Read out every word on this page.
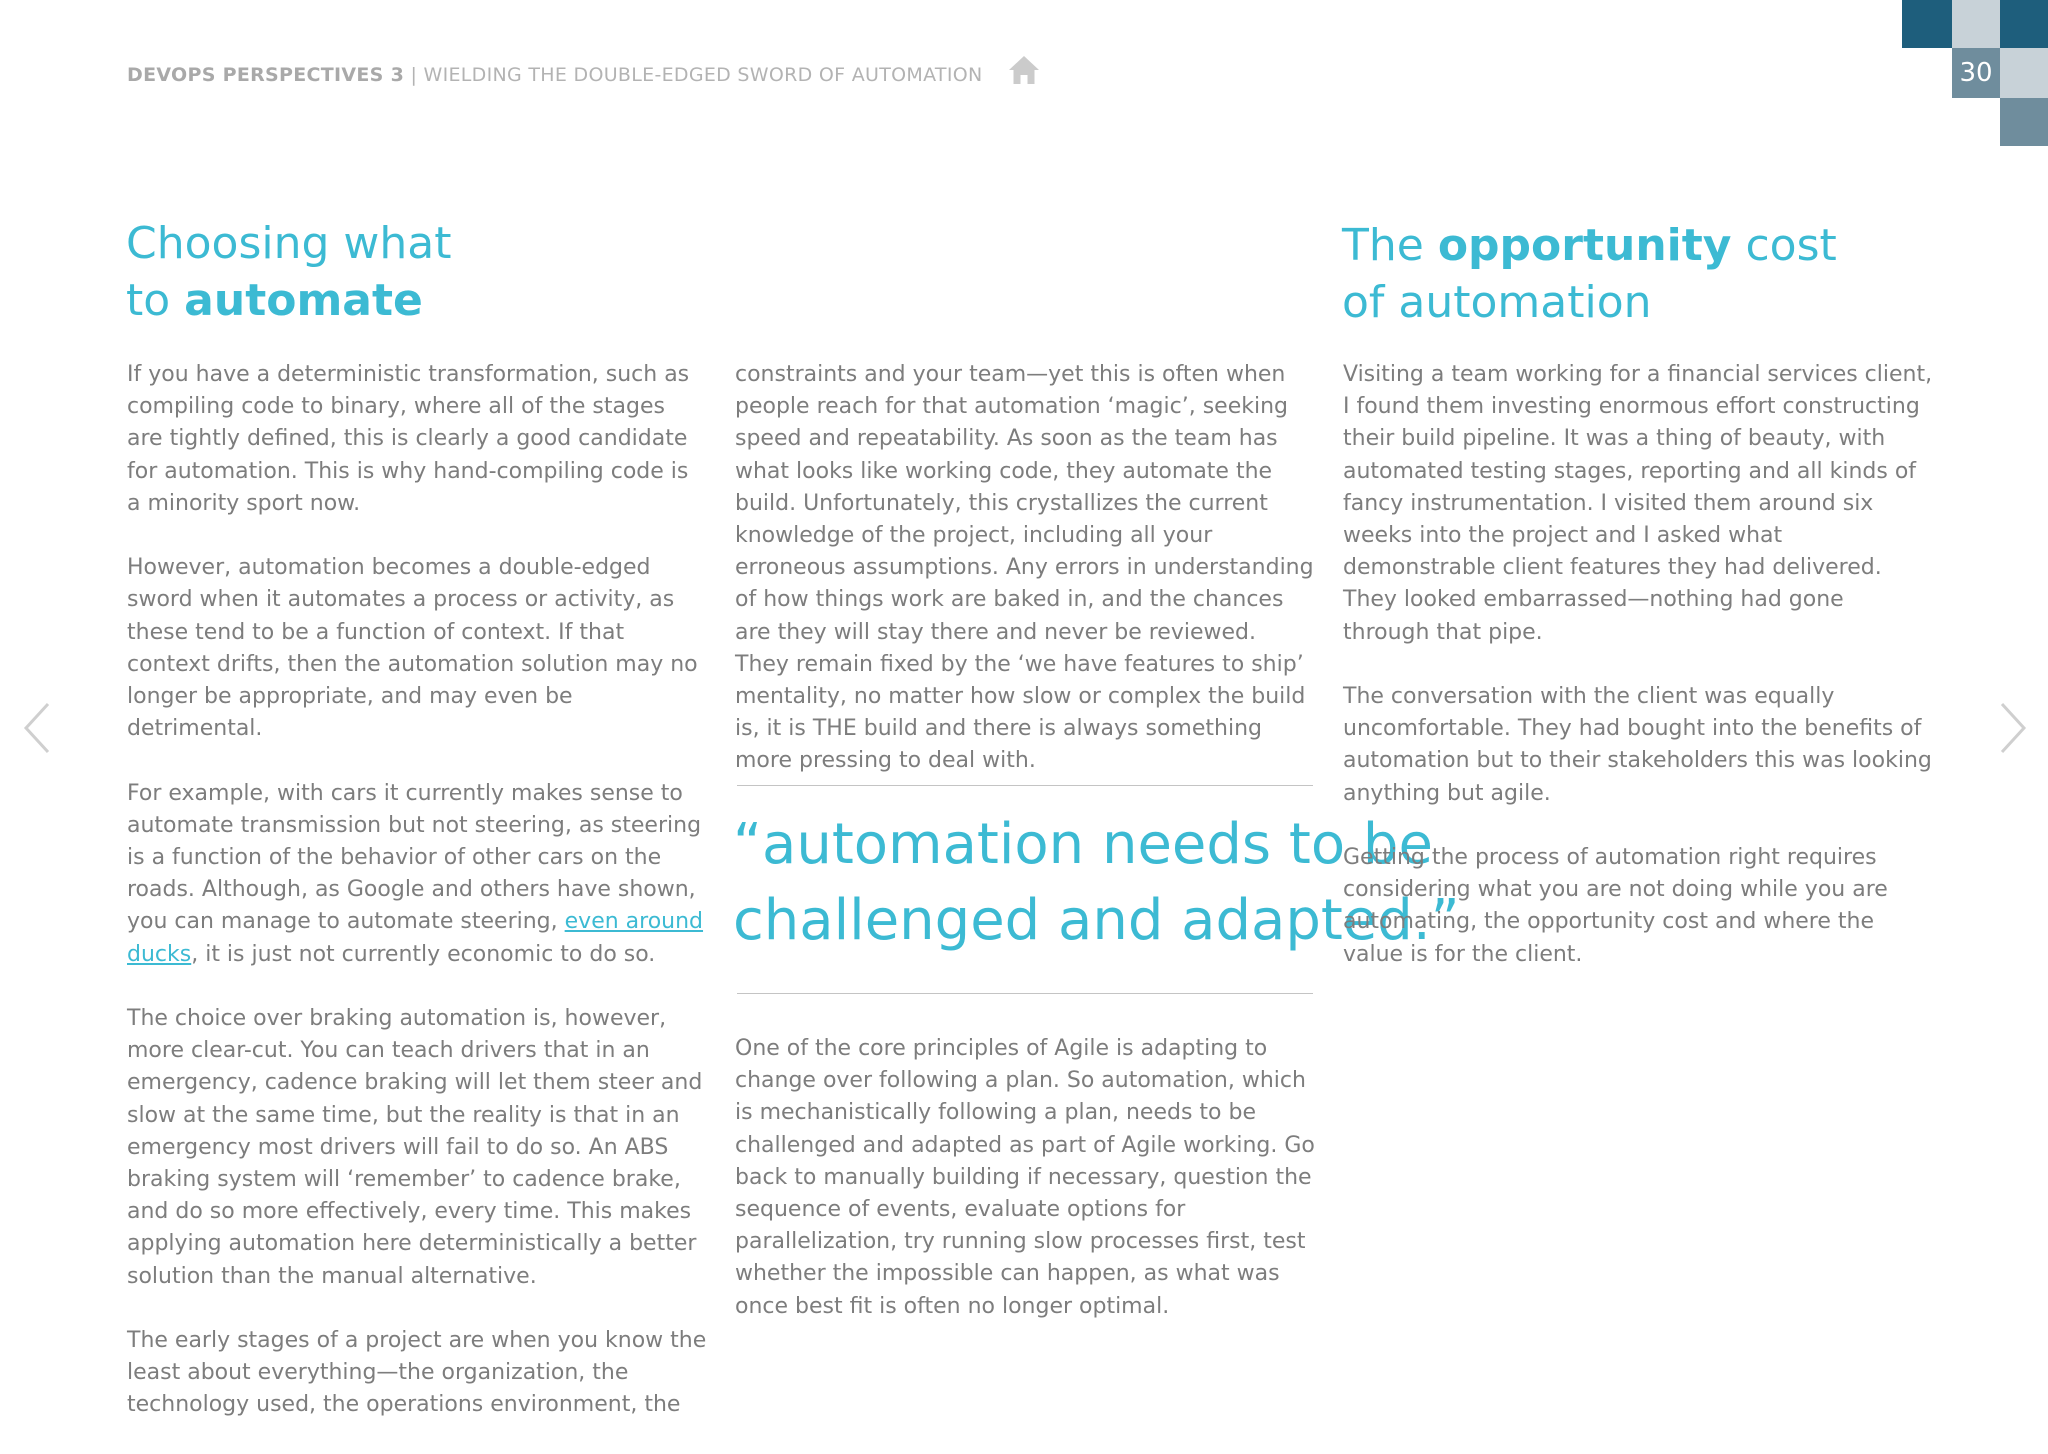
DEVOPS PERSPECTIVES 3 | WIELDING THE DOUBLE-EDGED SWORD OF AUTOMATION	30
Choosing what
to automate
The opportunity cost
of automation

If you have a deterministic transformation, such as compiling code to binary, where all of the stages are tightly defined, this is clearly a good candidate for automation. This is why hand-compiling code is a minority sport now.

However, automation becomes a double-edged sword when it automates a process or activity, as these tend to be a function of context. If that context drifts, then the automation solution may no longer be appropriate, and may even be detrimental.

For example, with cars it currently makes sense to automate transmission but not steering, as steering is a function of the behavior of other cars on the roads. Although, as Google and others have shown, you can manage to automate steering, even around ducks, it is just not currently economic to do so.

The choice over braking automation is, however, more clear-cut. You can teach drivers that in an emergency, cadence braking will let them steer and slow at the same time, but the reality is that in an emergency most drivers will fail to do so. An ABS braking system will ‘remember’ to cadence brake, and do so more effectively, every time. This makes applying automation here deterministically a better solution than the manual alternative.

The early stages of a project are when you know the least about everything—the organization, the technology used, the operations environment, the

constraints and your team—yet this is often when people reach for that automation ‘magic’, seeking speed and repeatability. As soon as the team has what looks like working code, they automate the build. Unfortunately, this crystallizes the current knowledge of the project, including all your erroneous assumptions. Any errors in understanding of how things work are baked in, and the chances are they will stay there and never be reviewed. They remain fixed by the ‘we have features to ship’ mentality, no matter how slow or complex the build is, it is THE build and there is always something more pressing to deal with.

“automation needs to be
challenged and adapted.”

One of the core principles of Agile is adapting to change over following a plan. So automation, which is mechanistically following a plan, needs to be challenged and adapted as part of Agile working. Go back to manually building if necessary, question the sequence of events, evaluate options for parallelization, try running slow processes first, test whether the impossible can happen, as what was once best fit is often no longer optimal.

Visiting a team working for a financial services client, I found them investing enormous effort constructing their build pipeline. It was a thing of beauty, with automated testing stages, reporting and all kinds of fancy instrumentation. I visited them around six weeks into the project and I asked what demonstrable client features they had delivered. They looked embarrassed—nothing had gone through that pipe.

The conversation with the client was equally uncomfortable. They had bought into the benefits of automation but to their stakeholders this was looking anything but agile.

Getting the process of automation right requires considering what you are not doing while you are automating, the opportunity cost and where the value is for the client.
